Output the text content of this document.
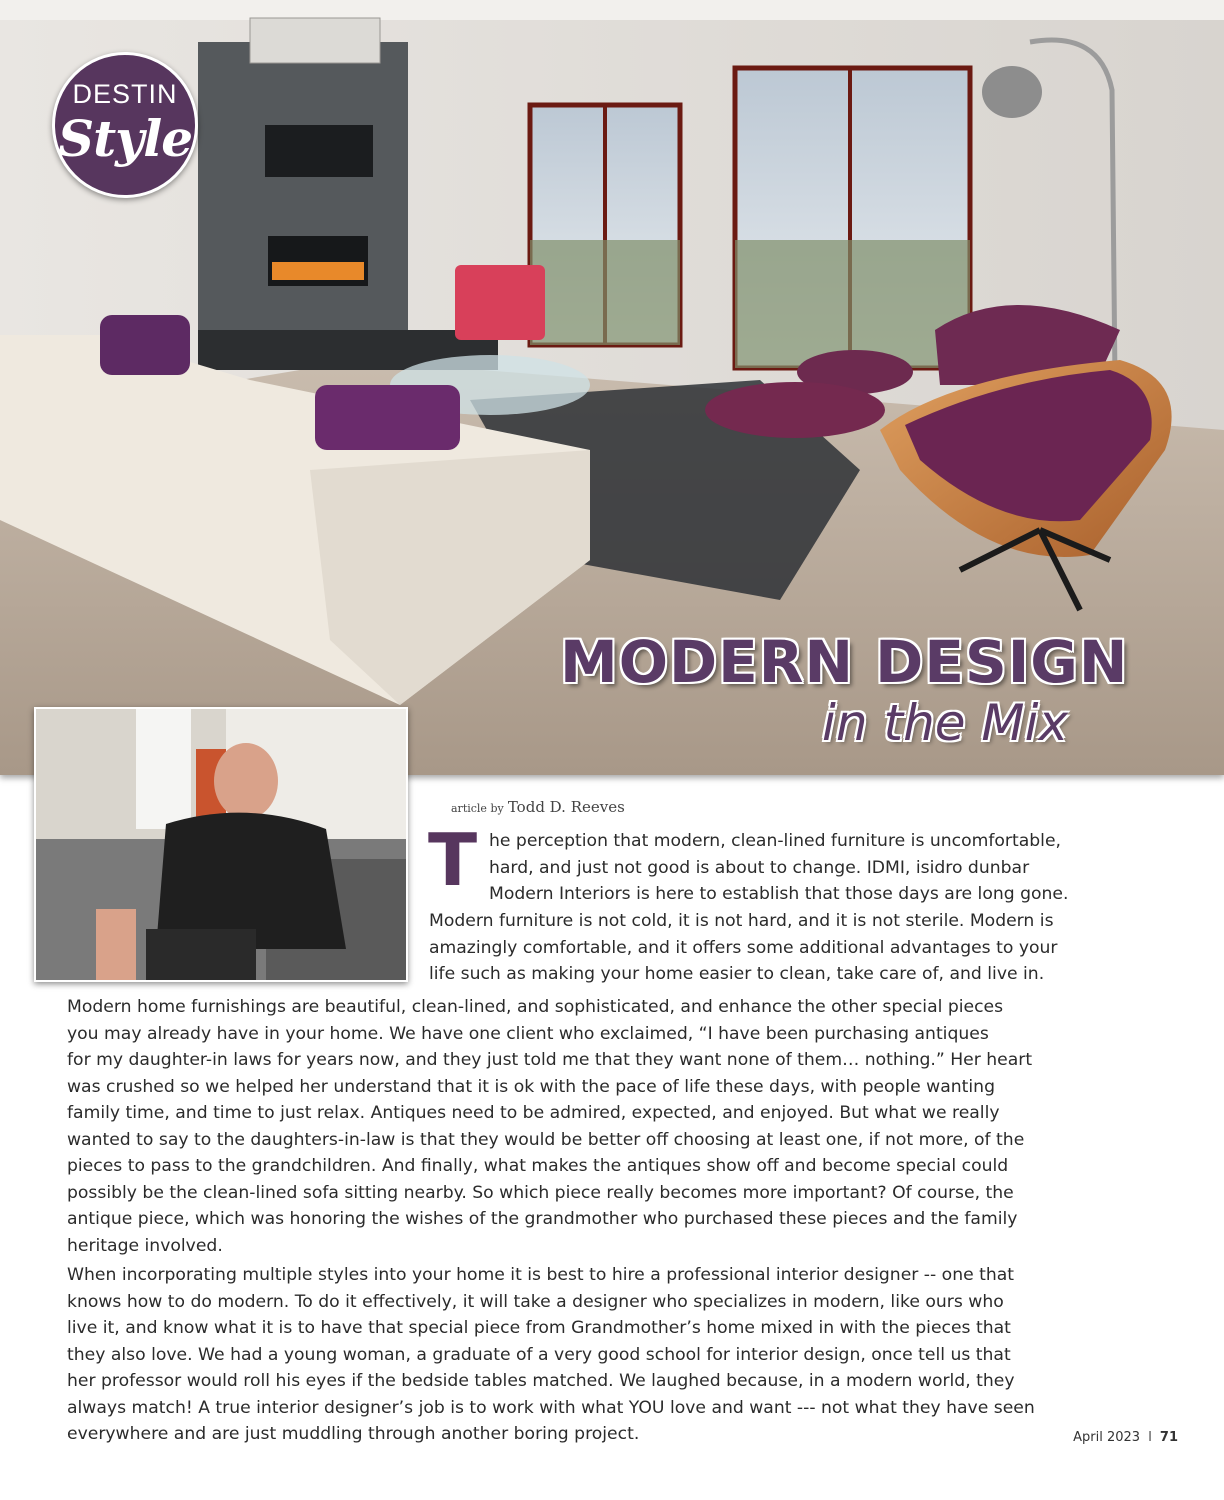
DESTIN
Style
MODERN DESIGN
in the Mix
article by Todd D. Reeves
T he perception that modern, clean-lined furniture is uncomfortable,
hard, and just not good is about to change. IDMI, isidro dunbar
Modern Interiors is here to establish that those days are long gone.
Modern furniture is not cold, it is not hard, and it is not sterile. Modern is
amazingly comfortable, and it offers some additional advantages to your
life such as making your home easier to clean, take care of, and live in.
Modern home furnishings are beautiful, clean-lined, and sophisticated, and enhance the other special pieces
you may already have in your home. We have one client who exclaimed, “I have been purchasing antiques
for my daughter-in laws for years now, and they just told me that they want none of them… nothing.” Her heart
was crushed so we helped her understand that it is ok with the pace of life these days, with people wanting
family time, and time to just relax. Antiques need to be admired, expected, and enjoyed. But what we really
wanted to say to the daughters-in-law is that they would be better off choosing at least one, if not more, of the
pieces to pass to the grandchildren. And finally, what makes the antiques show off and become special could
possibly be the clean-lined sofa sitting nearby. So which piece really becomes more important? Of course, the
antique piece, which was honoring the wishes of the grandmother who purchased these pieces and the family
heritage involved.
When incorporating multiple styles into your home it is best to hire a professional interior designer -- one that
knows how to do modern. To do it effectively, it will take a designer who specializes in modern, like ours who
live it, and know what it is to have that special piece from Grandmother’s home mixed in with the pieces that
they also love. We had a young woman, a graduate of a very good school for interior design, once tell us that
her professor would roll his eyes if the bedside tables matched. We laughed because, in a modern world, they
always match! A true interior designer’s job is to work with what YOU love and want --- not what they have seen
everywhere and are just muddling through another boring project.	April 2023 I 71
